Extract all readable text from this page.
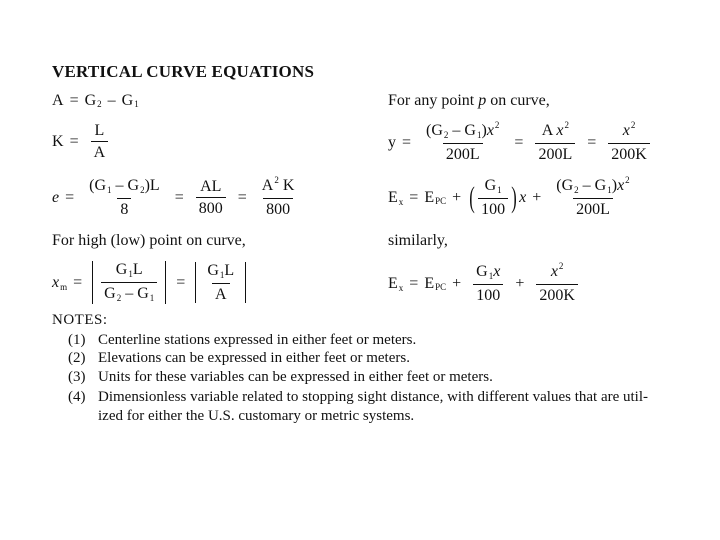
VERTICAL CURVE EQUATIONS
A = G 2 – G 1
$K = \frac{L}{A}$
$e = \frac{(G1 - G2)L}{8} = \frac{AL}{800} = \frac{A^2 K}{800}$
For high (low) point on curve,
xm = $\frac{G1L}{G2 - G1} = \frac{G1L}{A}$
For any point p on curve,
$y = \frac{(G2 - G1)x^2}{200L} = \frac{A x^2}{200L} = \frac{x^2}{200K}$
Ex = E PC + ( $\frac{G1}{100}$ ) $x + \frac{(G2 - G1)x^2}{200L}$
similarly,
Ex = E PC + $\frac{G1x}{100} + \frac{x^2}{200K}$
NOTES:
(1) Centerline stations expressed in either feet or meters.
(2) Elevations can be expressed in either feet or meters.
(3) Units for these variables can be expressed in either feet or meters.
(4) Dimensionless variable related to stopping sight distance, with different values that are util-
ized for either the U.S. customary or metric systems.
